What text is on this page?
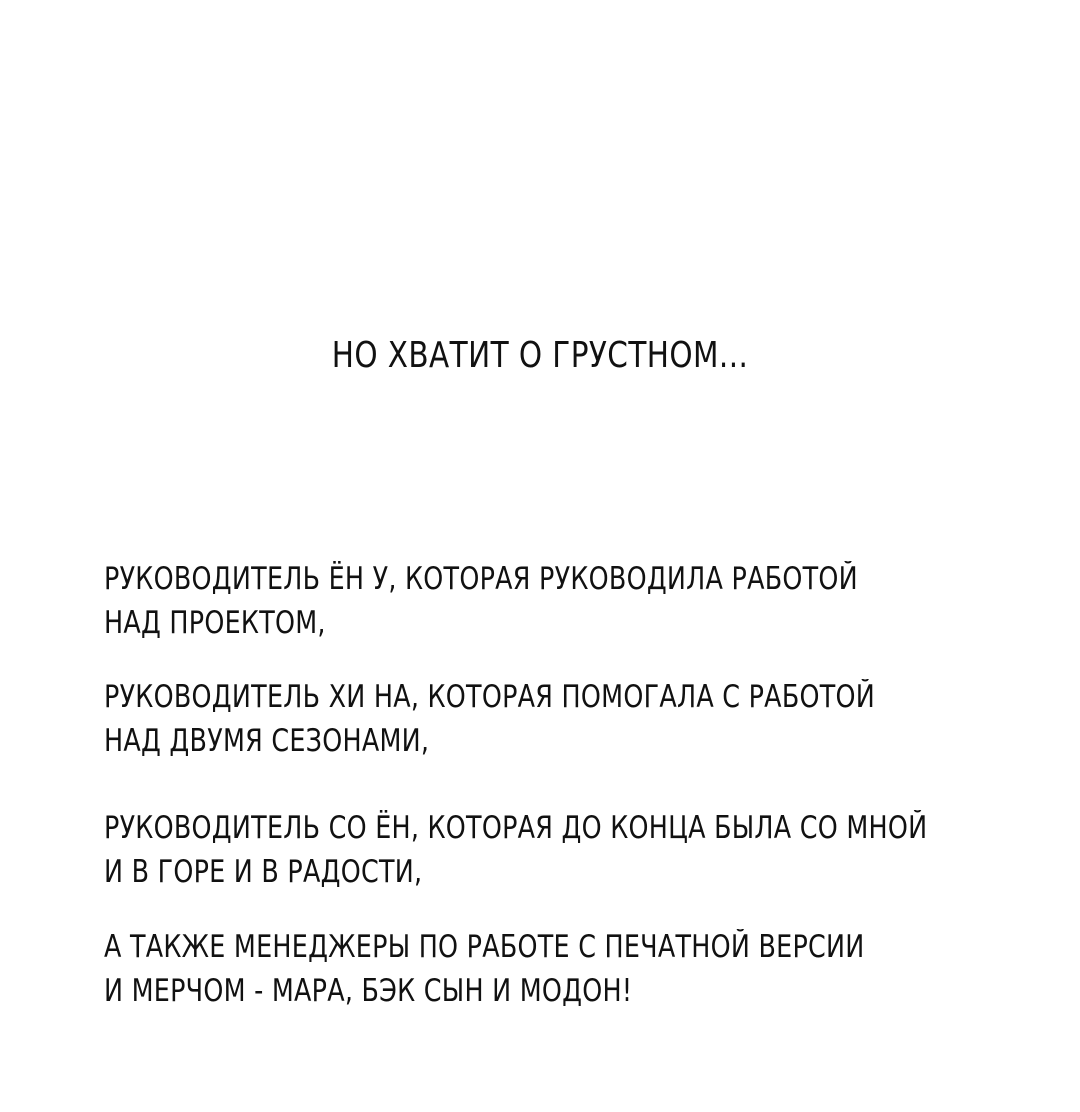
НО ХВАТИТ О ГРУСТНОМ...
РУКОВОДИТЕЛЬ ЁН У, КОТОРАЯ РУКОВОДИЛА РАБОТОЙ
НАД ПРОЕКТОМ,
РУКОВОДИТЕЛЬ ХИ НА, КОТОРАЯ ПОМОГАЛА С РАБОТОЙ
НАД ДВУМЯ СЕЗОНАМИ,
РУКОВОДИТЕЛЬ СО ЁН, КОТОРАЯ ДО КОНЦА БЫЛА СО МНОЙ
И В ГОРЕ И В РАДОСТИ,
А ТАКЖЕ МЕНЕДЖЕРЫ ПО РАБОТЕ С ПЕЧАТНОЙ ВЕРСИИ
И МЕРЧОМ - МАРА, БЭК СЫН И МОДОН!
